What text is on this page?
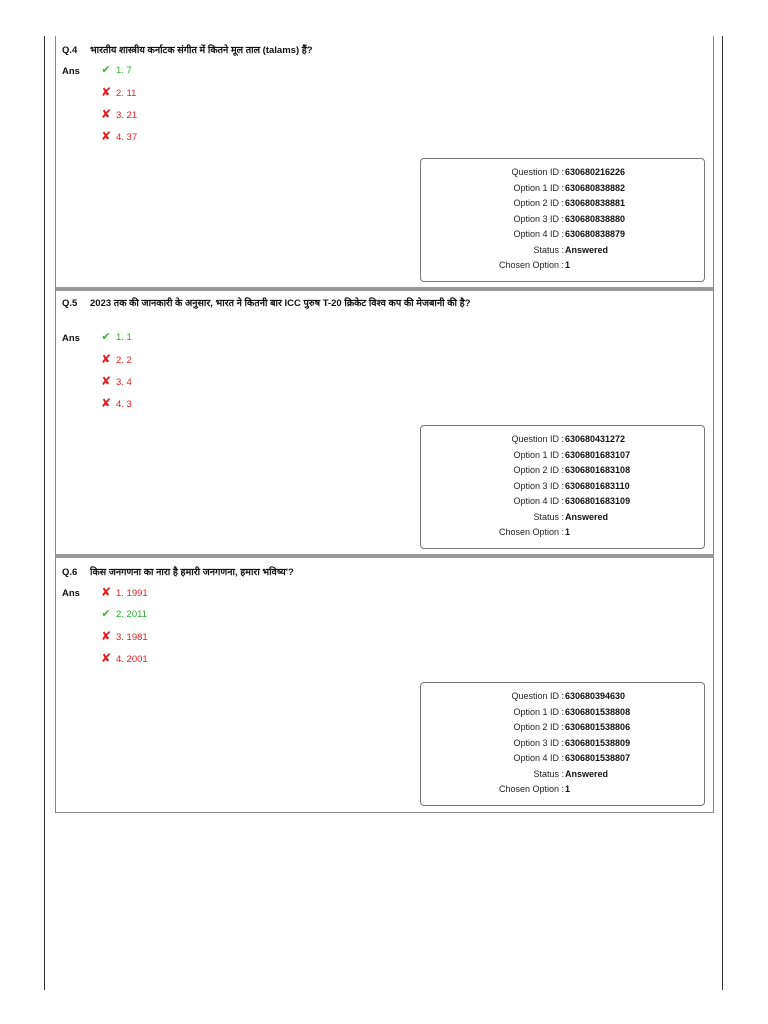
Q.4 भारतीय शास्त्रीय कर्नाटक संगीत में कितने मूल ताल (talams) हैं?
Ans	✔ 1. 7
✘ 2. 11
✘ 3. 21
✘ 4. 37
Question ID : 630680216226
Option 1 ID : 630680838882
Option 2 ID : 630680838881
Option 3 ID : 630680838880
Option 4 ID : 630680838879
Status : Answered
Chosen Option : 1
Q.5 2023 तक की जानकारी के अनुसार, भारत ने कितनी बार ICC पुरुष T-20 क्रिकेट विश्व कप की मेजबानी की है?
Ans	✔ 1. 1
✘ 2. 2
✘ 3. 4
✘ 4. 3
Question ID : 630680431272
Option 1 ID : 6306801683107
Option 2 ID : 6306801683108
Option 3 ID : 6306801683110
Option 4 ID : 6306801683109
Status : Answered
Chosen Option : 1
Q.6 किस जनगणना का नारा है हमारी जनगणना, हमारा भविष्य'?
Ans ✘ 1. 1991
✔ 2. 2011
✘ 3. 1981
✘ 4. 2001
Question ID : 630680394630
Option 1 ID : 6306801538808
Option 2 ID : 6306801538806
Option 3 ID : 6306801538809
Option 4 ID : 6306801538807
Status : Answered
Chosen Option : 1
